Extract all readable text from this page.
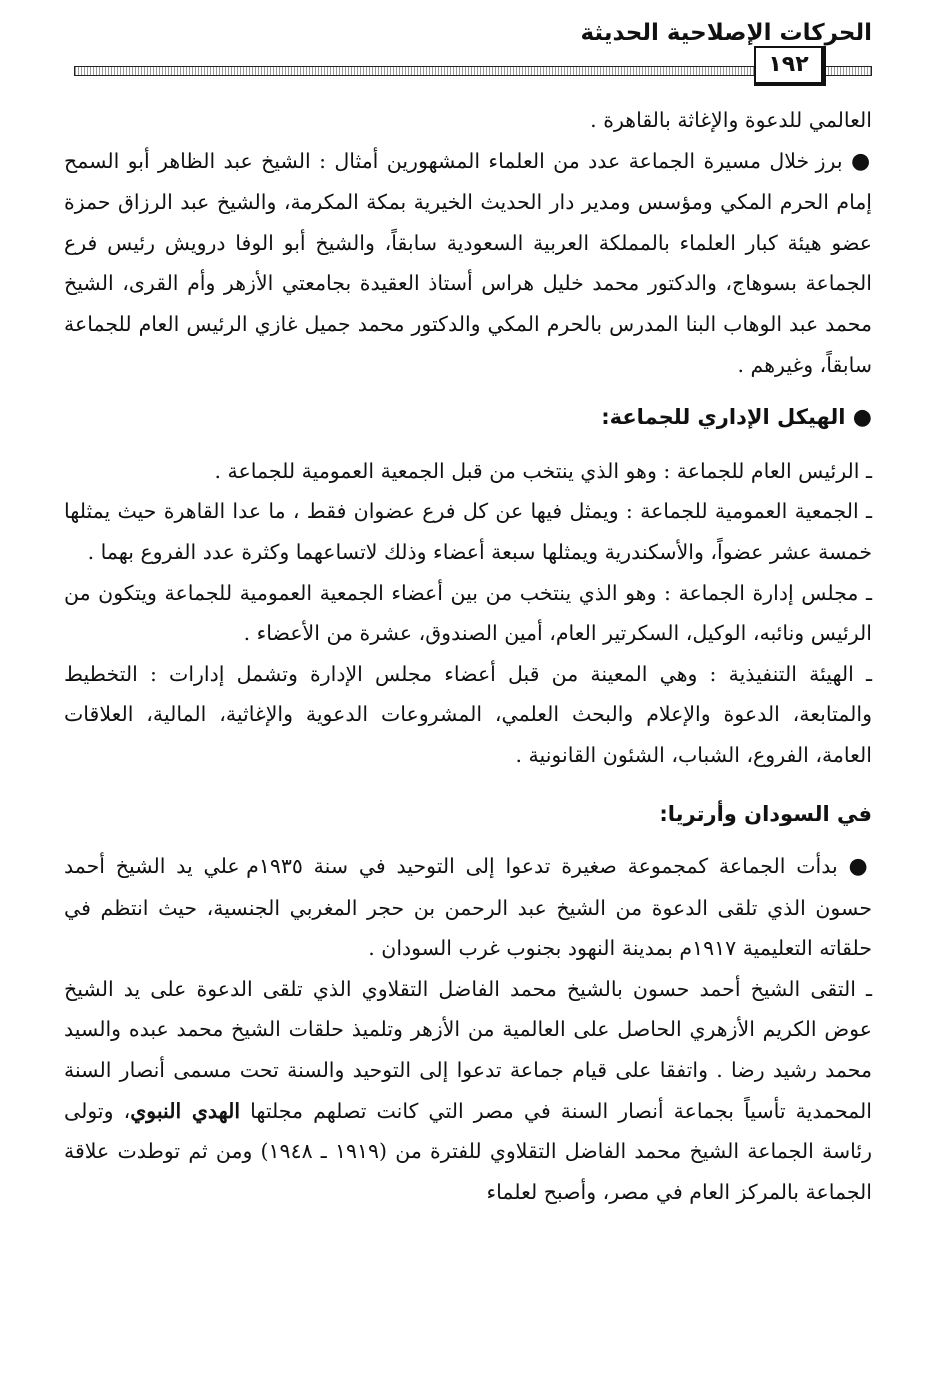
الحركات الإصلاحية الحديثة
١٩٢

العالمي للدعوة والإغاثة بالقاهرة .

● برز خلال مسيرة الجماعة عدد من العلماء المشهورين أمثال : الشيخ عبد الظاهر أبو السمح إمام الحرم المكي ومؤسس ومدير دار الحديث الخيرية بمكة المكرمة، والشيخ عبد الرزاق حمزة عضو هيئة كبار العلماء بالمملكة العربية السعودية سابقاً، والشيخ أبو الوفا درويش رئيس فرع الجماعة بسوهاج، والدكتور محمد خليل هراس أستاذ العقيدة بجامعتي الأزهر وأم القرى، الشيخ محمد عبد الوهاب البنا المدرس بالحرم المكي والدكتور محمد جميل غازي الرئيس العام للجماعة سابقاً، وغيرهم .

● الهيكل الإداري للجماعة:

ـ الرئيس العام للجماعة : وهو الذي ينتخب من قبل الجمعية العمومية للجماعة .

ـ الجمعية العمومية للجماعة : ويمثل فيها عن كل فرع عضوان فقط ، ما عدا القاهرة حيث يمثلها خمسة عشر عضواً، والأسكندرية ويمثلها سبعة أعضاء وذلك لاتساعهما وكثرة عدد الفروع بهما .

ـ مجلس إدارة الجماعة : وهو الذي ينتخب من بين أعضاء الجمعية العمومية للجماعة ويتكون من الرئيس ونائبه، الوكيل، السكرتير العام، أمين الصندوق، عشرة من الأعضاء .

ـ الهيئة التنفيذية : وهي المعينة من قبل أعضاء مجلس الإدارة وتشمل إدارات : التخطيط والمتابعة، الدعوة والإعلام والبحث العلمي، المشروعات الدعوية والإغاثية، المالية، العلاقات العامة، الفروع، الشباب، الشئون القانونية .

في السودان وأرتريا:

● بدأت الجماعة كمجموعة صغيرة تدعوا إلى التوحيد في سنة ١٩٣٥م علي يد الشيخ أحمد حسون الذي تلقى الدعوة من الشيخ عبد الرحمن بن حجر المغربي الجنسية، حيث انتظم في حلقاته التعليمية ١٩١٧م بمدينة النهود بجنوب غرب السودان .

ـ التقى الشيخ أحمد حسون بالشيخ محمد الفاضل التقلاوي الذي تلقى الدعوة على يد الشيخ عوض الكريم الأزهري الحاصل على العالمية من الأزهر وتلميذ حلقات الشيخ محمد عبده والسيد محمد رشيد رضا . واتفقا على قيام جماعة تدعوا إلى التوحيد والسنة تحت مسمى أنصار السنة المحمدية تأسياً بجماعة أنصار السنة في مصر التي كانت تصلهم مجلتها الهدي النبوي، وتولى رئاسة الجماعة الشيخ محمد الفاضل التقلاوي للفترة من (١٩١٩ ـ ١٩٤٨) ومن ثم توطدت علاقة الجماعة بالمركز العام في مصر، وأصبح لعلماء
